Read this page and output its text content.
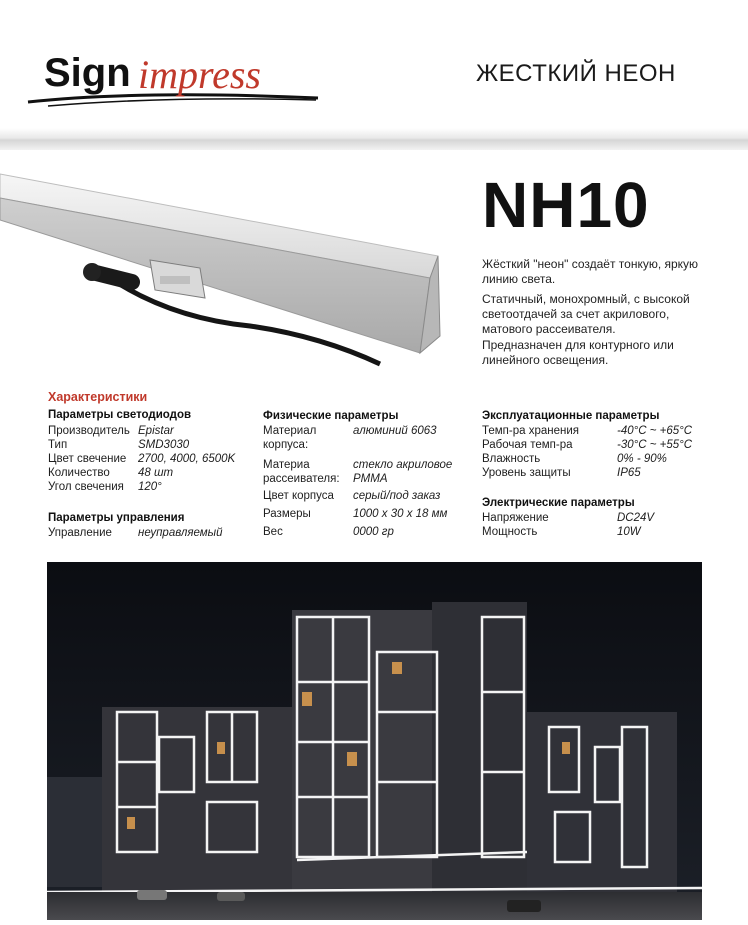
Sign impress	ЖЕСТКИЙ НЕОН
NH10
Жёсткий "неон" создаёт тонкую, яркую линию света.
Статичный, монохромный, с высокой светоотдачей за счет акрилового, матового рассеивателя.
Предназначен для контурного или линейного освещения.
Характеристики
Параметры светодиодов
Производитель Epistar
Тип	SMD3030
Цвет свечение 2700, 4000, 6500K
Количество 48 шт
Угол свечения 120°
Параметры управления
Управление неуправляемый
Физические параметры
Материал корпуса:
алюминий 6063
Материа рассеивателя:
стекло акриловое PMMA
Цвет корпуса серый/под заказ
Размеры	1000 х 30 х 18 мм
Вес	0000 гр
Эксплуатационные параметры
Темп-ра хранения	-40°C ~ +65°C
Рабочая темп-ра	-30°C ~ +55°C
Влажность	0% - 90%
Уровень защиты	IP65
Электрические параметры
Напряжение	DC24V
Мощность	10W
